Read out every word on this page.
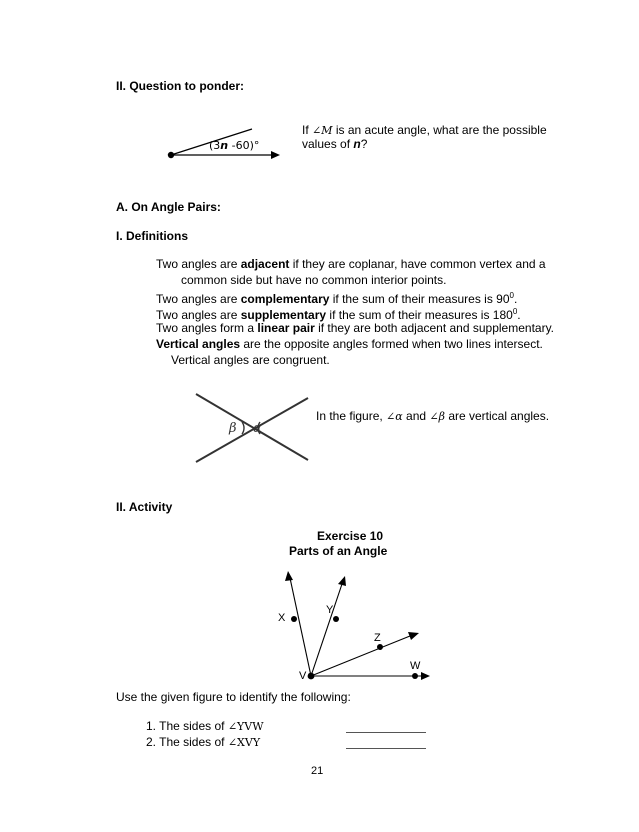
II. Question to ponder:
(3n -60)°
If ∠M is an acute angle, what are the possible
values of n?
A. On Angle Pairs:
I. Definitions
Two angles are adjacent if they are coplanar, have common vertex and a
common side but have no common interior points.
Two angles are complementary if the sum of their measures is $90^0$.
Two angles are supplementary if the sum of their measures is $180^0$.
Two angles form a linear pair if they are both adjacent and supplementary.
Vertical angles are the opposite angles formed when two lines intersect.
Vertical angles are congruent.
β α
In the figure, ∠α and ∠β are vertical angles.
II. Activity
Exercise 10
Parts of an Angle
X
Y
Z
W
V
Use the given figure to identify the following:
1. The sides of ∠YVW
2. The sides of ∠XVY
21
